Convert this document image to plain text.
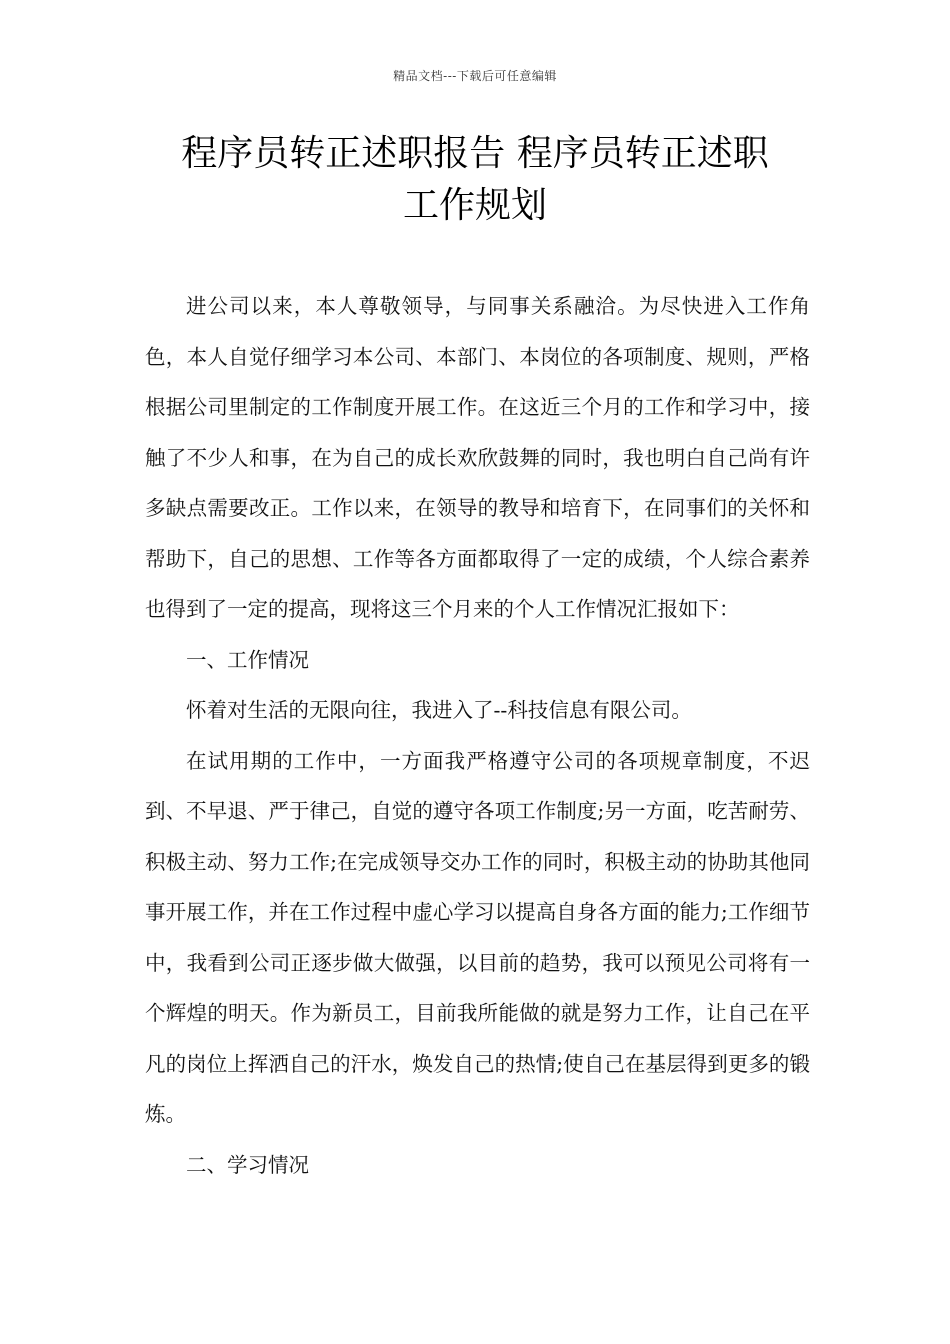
精品文档---下载后可任意编辑
程序员转正述职报告 程序员转正述职
工作规划

进公司以来，本人尊敬领导，与同事关系融洽。为尽快进入工作角色，本人自觉仔细学习本公司、本部门、本岗位的各项制度、规则，严格根据公司里制定的工作制度开展工作。在这近三个月的工作和学习中，接触了不少人和事，在为自己的成长欢欣鼓舞的同时，我也明白自己尚有许多缺点需要改正。工作以来，在领导的教导和培育下，在同事们的关怀和帮助下，自己的思想、工作等各方面都取得了一定的成绩，个人综合素养也得到了一定的提高，现将这三个月来的个人工作情况汇报如下：

一、工作情况

怀着对生活的无限向往，我进入了--科技信息有限公司。

在试用期的工作中，一方面我严格遵守公司的各项规章制度，不迟到、不早退、严于律己，自觉的遵守各项工作制度;另一方面，吃苦耐劳、积极主动、努力工作;在完成领导交办工作的同时，积极主动的协助其他同事开展工作，并在工作过程中虚心学习以提高自身各方面的能力;工作细节中，我看到公司正逐步做大做强，以目前的趋势，我可以预见公司将有一个辉煌的明天。作为新员工，目前我所能做的就是努力工作，让自己在平凡的岗位上挥洒自己的汗水，焕发自己的热情;使自己在基层得到更多的锻炼。

二、学习情况
